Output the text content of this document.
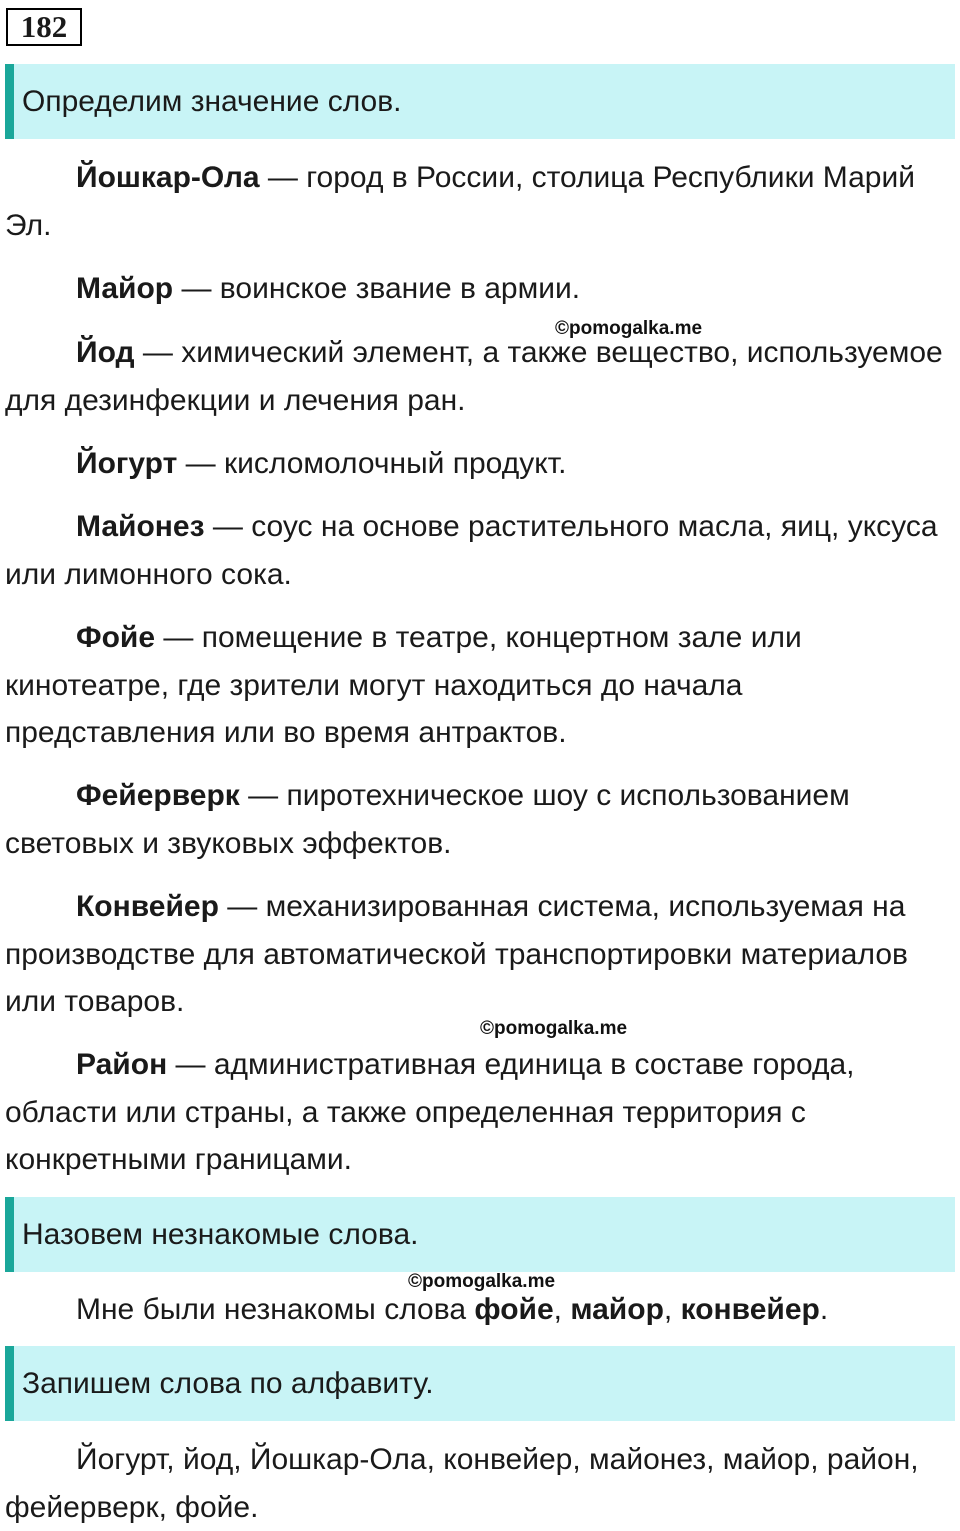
182
Определим значение слов.

Йошкар-Ола — город в России, столица Республики Марий Эл.

Майор — воинское звание в армии.

©pomogalka.me

Йод — химический элемент, а также вещество, используемое для дезинфекции и лечения ран.

Йогурт — кисломолочный продукт.

Майонез — соус на основе растительного масла, яиц, уксуса или лимонного сока.

Фойе — помещение в театре, концертном зале или кинотеатре, где зрители могут находиться до начала представления или во время антрактов.

Фейерверк — пиротехническое шоу с использованием световых и звуковых эффектов.

Конвейер — механизированная система, используемая на производстве для автоматической транспортировки материалов или товаров.

©pomogalka.me

Район — административная единица в составе города, области или страны, а также определенная территория с конкретными границами.

Назовем незнакомые слова.
©pomogalka.me

Мне были незнакомы слова фойе, майор, конвейер.

Запишем слова по алфавиту.

Йогурт, йод, Йошкар-Ола, конвейер, майонез, майор, район, фейерверк, фойе.
